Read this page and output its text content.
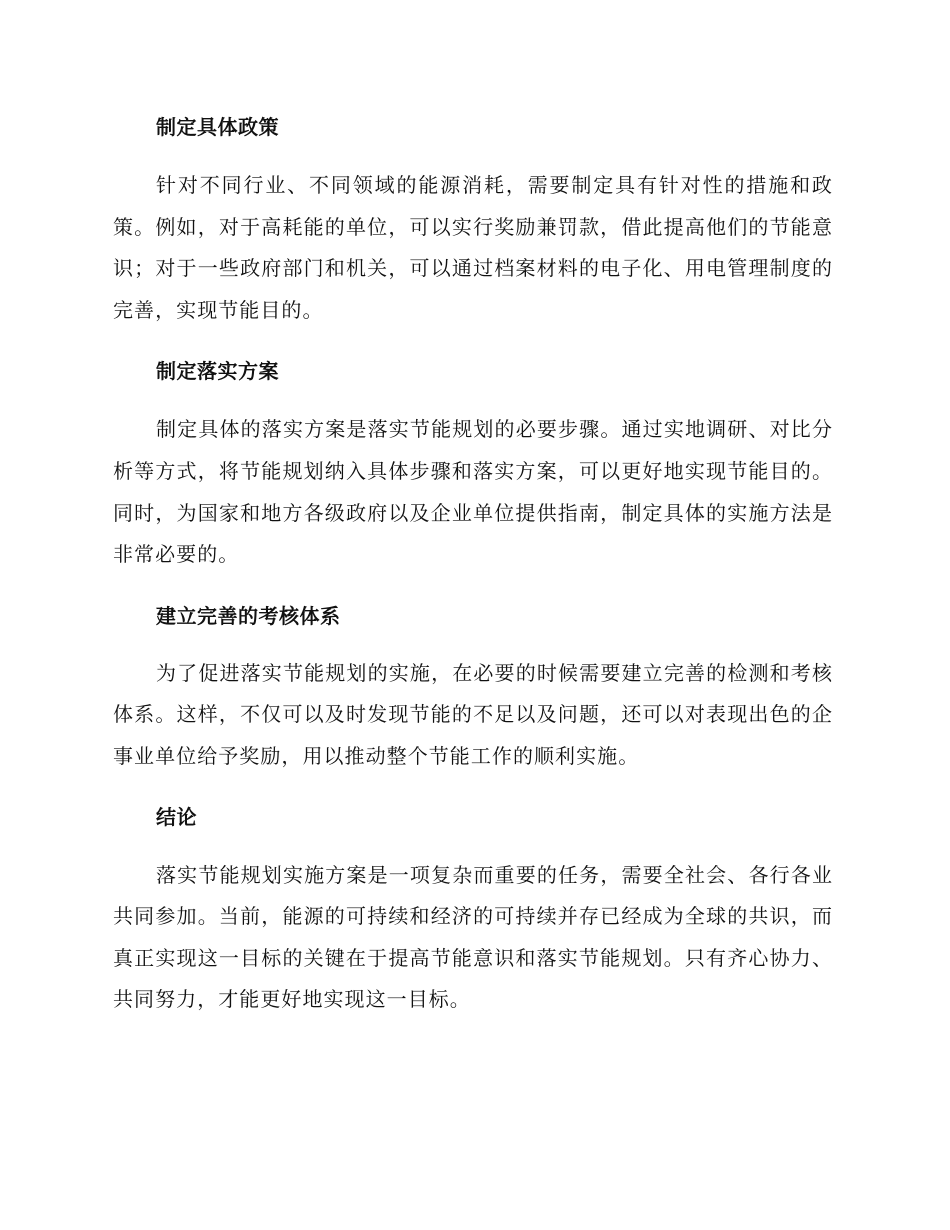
制定具体政策

针对不同行业、不同领域的能源消耗，需要制定具有针对性的措施和政策。例如，对于高耗能的单位，可以实行奖励兼罚款，借此提高他们的节能意识；对于一些政府部门和机关，可以通过档案材料的电子化、用电管理制度的完善，实现节能目的。

制定落实方案

制定具体的落实方案是落实节能规划的必要步骤。通过实地调研、对比分析等方式，将节能规划纳入具体步骤和落实方案，可以更好地实现节能目的。同时，为国家和地方各级政府以及企业单位提供指南，制定具体的实施方法是非常必要的。

建立完善的考核体系

为了促进落实节能规划的实施，在必要的时候需要建立完善的检测和考核体系。这样，不仅可以及时发现节能的不足以及问题，还可以对表现出色的企事业单位给予奖励，用以推动整个节能工作的顺利实施。

结论

落实节能规划实施方案是一项复杂而重要的任务，需要全社会、各行各业共同参加。当前，能源的可持续和经济的可持续并存已经成为全球的共识，而真正实现这一目标的关键在于提高节能意识和落实节能规划。只有齐心协力、共同努力，才能更好地实现这一目标。
